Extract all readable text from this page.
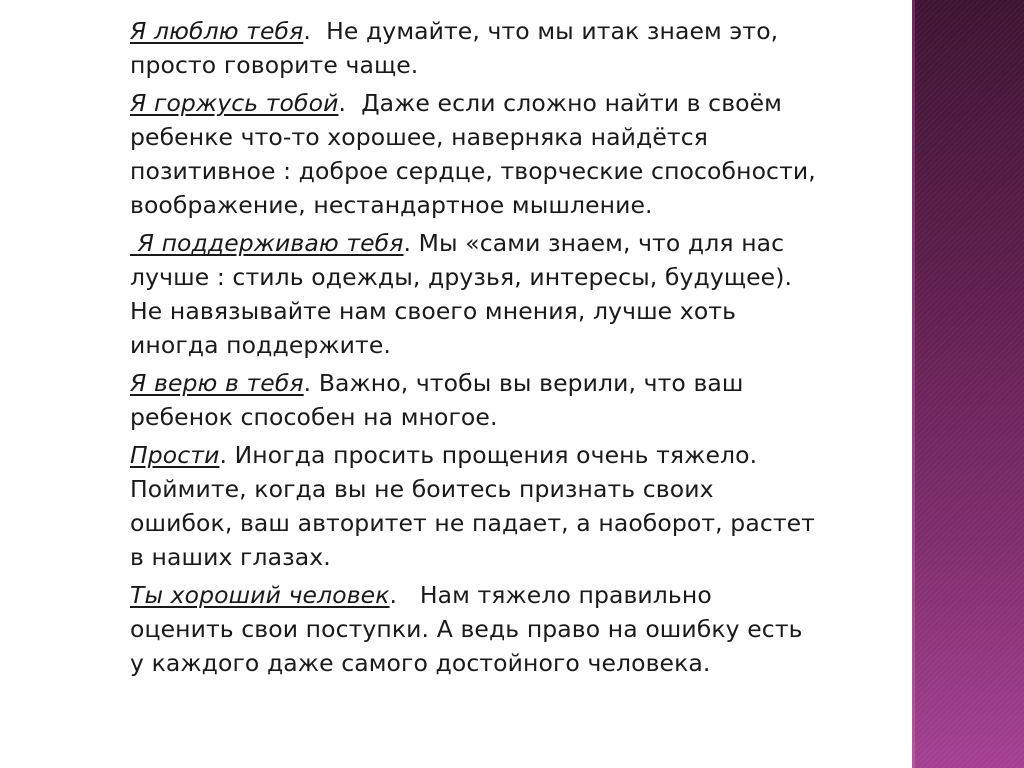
Я люблю тебя.  Не думайте, что мы итак знаем это, просто говорите чаще.

Я горжусь тобой.  Даже если сложно найти в своём ребенке что-то хорошее, наверняка найдётся позитивное : доброе сердце, творческие способности, воображение, нестандартное мышление.

Я поддерживаю тебя. Мы «сами знаем, что для нас лучше : стиль одежды, друзья, интересы, будущее). Не навязывайте нам своего мнения, лучше хоть иногда поддержите.

Я верю в тебя. Важно, чтобы вы верили, что ваш ребенок способен на многое.

Прости. Иногда просить прощения очень тяжело. Поймите, когда вы не боитесь признать своих ошибок, ваш авторитет не падает, а наоборот, растет в наших глазах.

Ты хороший человек.   Нам тяжело правильно оценить свои поступки. А ведь право на ошибку есть у каждого даже самого достойного человека.
